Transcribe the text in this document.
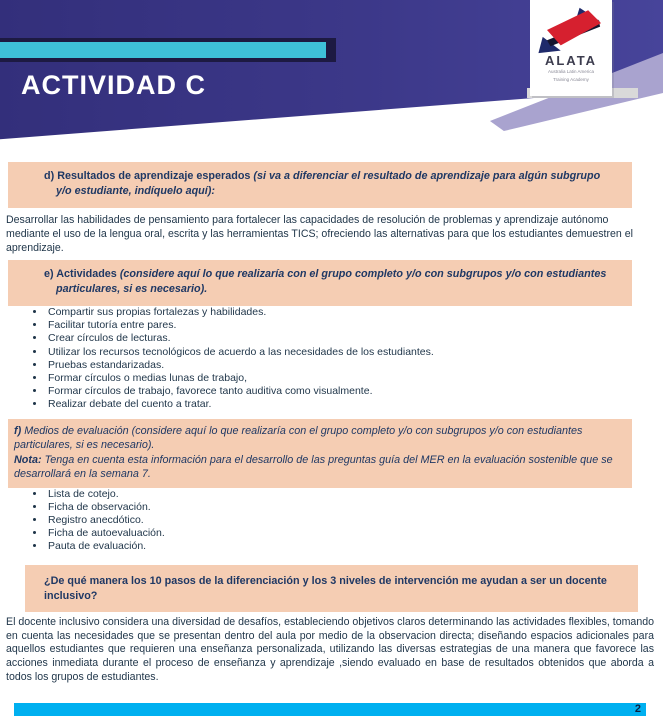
ACTIVIDAD C
ALATA
Australia Latin America
Training Academy
d) Resultados de aprendizaje esperados (si va a diferenciar el resultado de aprendizaje para algún subgrupo y/o estudiante, indíquelo aquí):
Desarrollar las habilidades de pensamiento para fortalecer las capacidades de resolución de problemas y aprendizaje autónomo mediante el uso de la lengua oral, escrita y las herramientas TICS; ofreciendo las alternativas para que los estudiantes demuestren el aprendizaje.
e) Actividades (considere aquí lo que realizaría con el grupo completo y/o con subgrupos y/o con estudiantes particulares, si es necesario).
• Compartir sus propias fortalezas y habilidades.
• Facilitar tutoría entre pares.
• Crear círculos de lecturas.
• Utilizar los recursos tecnológicos de acuerdo a las necesidades de los estudiantes.
• Pruebas estandarizadas.
• Formar círculos o medias lunas de trabajo,
• Formar círculos de trabajo, favorece tanto auditiva como visualmente.
• Realizar debate del cuento a tratar.
f) Medios de evaluación (considere aquí lo que realizaría con el grupo completo y/o con subgrupos y/o con estudiantes particulares, si es necesario).
Nota: Tenga en cuenta esta información para el desarrollo de las preguntas guía del MER en la evaluación sostenible que se desarrollará en la semana 7.
• Lista de cotejo.
• Ficha de observación.
• Registro anecdótico.
• Ficha de autoevaluación.
• Pauta de evaluación.
¿De qué manera los 10 pasos de la diferenciación y los 3 niveles de intervención me ayudan a ser un docente inclusivo?
El docente inclusivo considera una diversidad de desafíos, estableciendo objetivos claros determinando las actividades flexibles, tomando en cuenta las necesidades que se presentan dentro del aula por medio de la observacion directa; diseñando espacios adicionales para aquellos estudiantes que requieren una enseñanza personalizada, utilizando las diversas estrategias de una manera que favorece las acciones inmediata durante el proceso de enseñanza y aprendizaje ,siendo evaluado en base de resultados obtenidos que aborda a todos los grupos de estudiantes.
2
